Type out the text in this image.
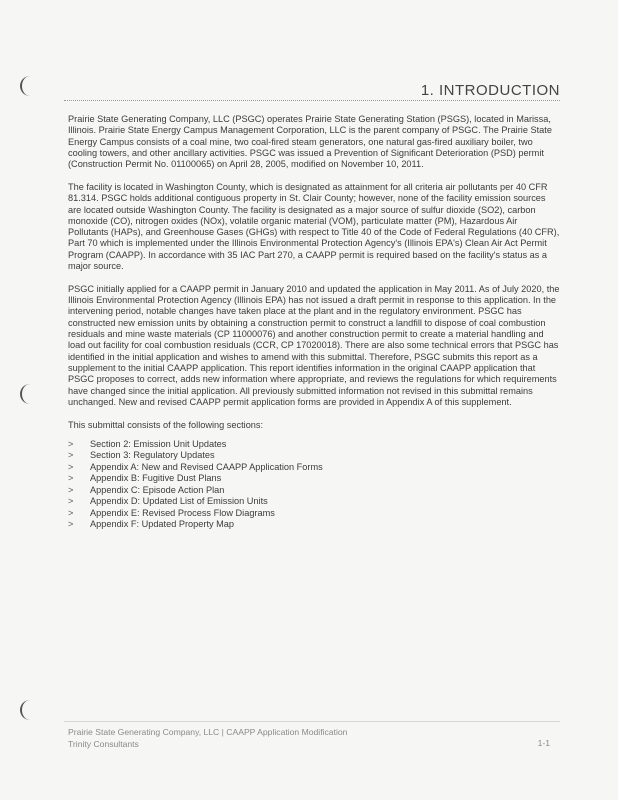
1. INTRODUCTION

Prairie State Generating Company, LLC (PSGC) operates Prairie State Generating Station (PSGS), located in Marissa, Illinois. Prairie State Energy Campus Management Corporation, LLC is the parent company of PSGC. The Prairie State Energy Campus consists of a coal mine, two coal-fired steam generators, one natural gas-fired auxiliary boiler, two cooling towers, and other ancillary activities. PSGC was issued a Prevention of Significant Deterioration (PSD) permit (Construction Permit No. 01100065) on April 28, 2005, modified on November 10, 2011.

The facility is located in Washington County, which is designated as attainment for all criteria air pollutants per 40 CFR 81.314. PSGC holds additional contiguous property in St. Clair County; however, none of the facility emission sources are located outside Washington County. The facility is designated as a major source of sulfur dioxide (SO2), carbon monoxide (CO), nitrogen oxides (NOx), volatile organic material (VOM), particulate matter (PM), Hazardous Air Pollutants (HAPs), and Greenhouse Gases (GHGs) with respect to Title 40 of the Code of Federal Regulations (40 CFR), Part 70 which is implemented under the Illinois Environmental Protection Agency's (Illinois EPA's) Clean Air Act Permit Program (CAAPP). In accordance with 35 IAC Part 270, a CAAPP permit is required based on the facility's status as a major source.

PSGC initially applied for a CAAPP permit in January 2010 and updated the application in May 2011. As of July 2020, the Illinois Environmental Protection Agency (Illinois EPA) has not issued a draft permit in response to this application. In the intervening period, notable changes have taken place at the plant and in the regulatory environment. PSGC has constructed new emission units by obtaining a construction permit to construct a landfill to dispose of coal combustion residuals and mine waste materials (CP 11000076) and another construction permit to create a material handling and load out facility for coal combustion residuals (CCR, CP 17020018). There are also some technical errors that PSGC has identified in the initial application and wishes to amend with this submittal. Therefore, PSGC submits this report as a supplement to the initial CAAPP application. This report identifies information in the original CAAPP application that PSGC proposes to correct, adds new information where appropriate, and reviews the regulations for which requirements have changed since the initial application. All previously submitted information not revised in this submittal remains unchanged. New and revised CAAPP permit application forms are provided in Appendix A of this supplement.

This submittal consists of the following sections:

>	Section 2: Emission Unit Updates
>	Section 3: Regulatory Updates
>	Appendix A: New and Revised CAAPP Application Forms
>	Appendix B: Fugitive Dust Plans
>	Appendix C: Episode Action Plan
>	Appendix D: Updated List of Emission Units
>	Appendix E: Revised Process Flow Diagrams
>	Appendix F: Updated Property Map
Prairie State Generating Company, LLC | CAAPP Application Modification
Trinity Consultants	1-1
